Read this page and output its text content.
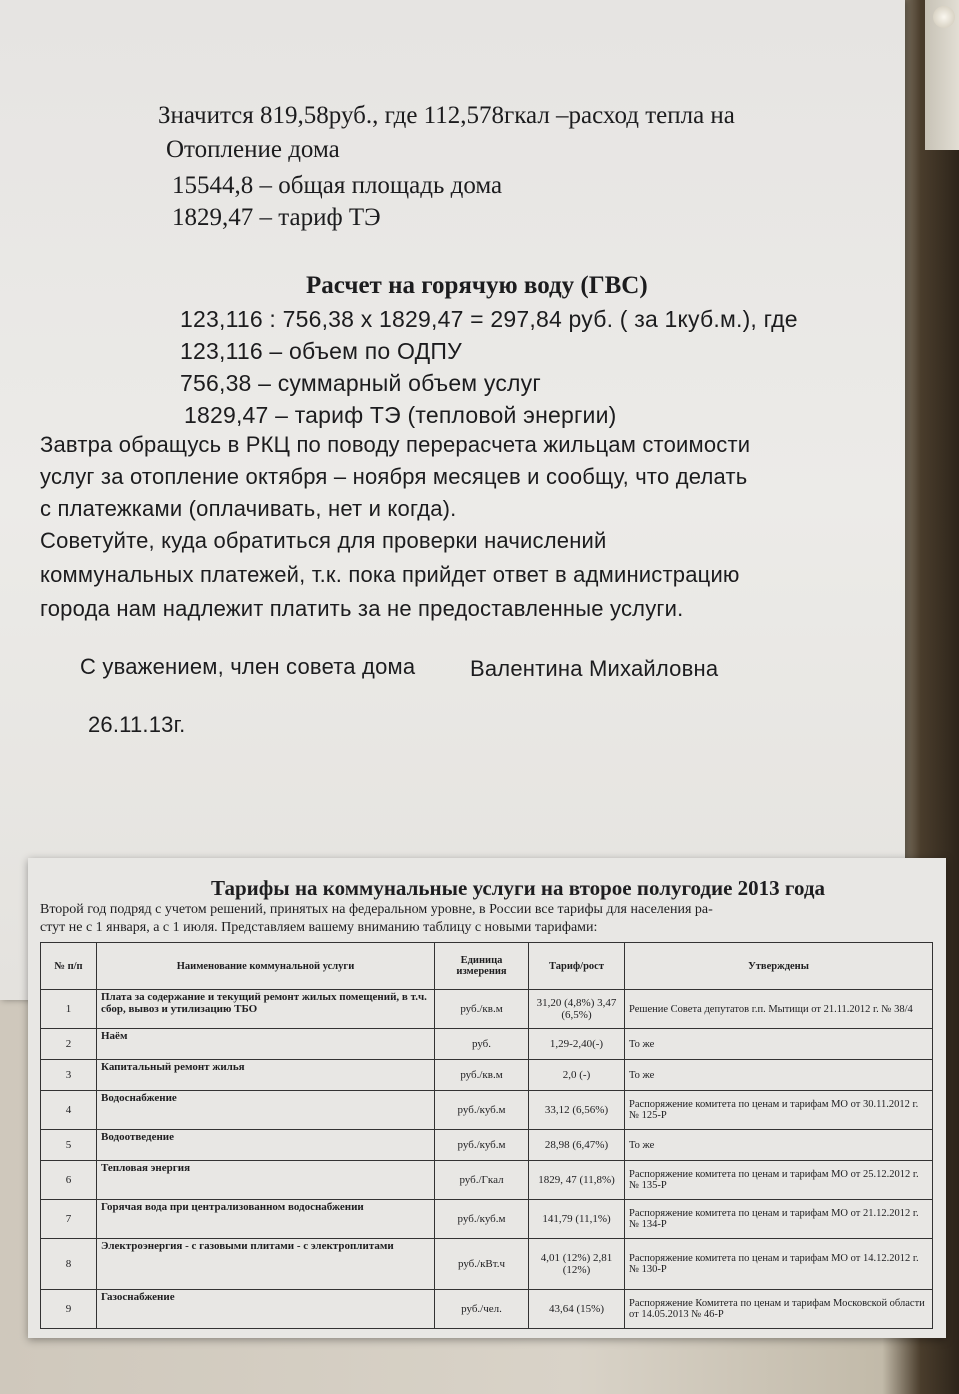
Значится 819,58руб., где 112,578гкал –расход тепла на
Отопление дома
15544,8 – общая площадь дома
1829,47 – тариф ТЭ
Расчет на горячую воду (ГВС)
123,116 : 756,38 х 1829,47 = 297,84 руб. ( за 1куб.м.), где
123,116 – объем по ОДПУ
756,38 – суммарный объем услуг
1829,47 – тариф ТЭ (тепловой энергии)
Завтра обращусь в РКЦ по поводу перерасчета жильцам стоимости
услуг за отопление октября – ноября месяцев и сообщу, что делать
с платежками (оплачивать, нет и когда).
Советуйте, куда обратиться для проверки начислений
коммунальных платежей, т.к. пока прийдет ответ в администрацию
города нам надлежит платить за не предоставленные услуги.
С уважением, член совета дома Валентина Михайловна
26.11.13г.
Тарифы на коммунальные услуги на второе полугодие 2013 года
Второй год подряд с учетом решений, принятых на федеральном уровне, в России все тарифы для населения ра-
стут не с 1 января, а с 1 июля. Представляем вашему вниманию таблицу с новыми тарифами:
№ п/п	Наименование коммунальной услуги	Единица измерения	Тариф/рост	Утверждены
1	Плата за содержание и текущий ремонт жилых помещений, в т.ч. сбор, вывоз и утилизацию ТБО	руб./кв.м	31,20 (4,8%) 3,47 (6,5%)	Решение Совета депутатов г.п. Мытищи от 21.11.2012 г. № 38/4
2	Наём	руб.	1,29-2,40(-)	То же
3	Капитальный ремонт жилья	руб./кв.м	2,0 (-)	То же
4	Водоснабжение	руб./куб.м	33,12 (6,56%)	Распоряжение комитета по ценам и тарифам МО от 30.11.2012 г. № 125-Р
5	Водоотведение	руб./куб.м	28,98 (6,47%)	То же
6	Тепловая энергия	руб./Гкал	1829, 47 (11,8%)	Распоряжение комитета по ценам и тарифам МО от 25.12.2012 г. № 135-Р
7	Горячая вода при централизованном водоснабжении	руб./куб.м	141,79 (11,1%)	Распоряжение комитета по ценам и тарифам МО от 21.12.2012 г. № 134-Р
8	Электроэнергия - с газовыми плитами - с электроплитами	руб./кВт.ч	4,01 (12%) 2,81 (12%)	Распоряжение комитета по ценам и тарифам МО от 14.12.2012 г. № 130-Р
9	Газоснабжение	руб./чел.	43,64 (15%)	Распоряжение Комитета по ценам и тарифам Московской области от 14.05.2013 № 46-Р
